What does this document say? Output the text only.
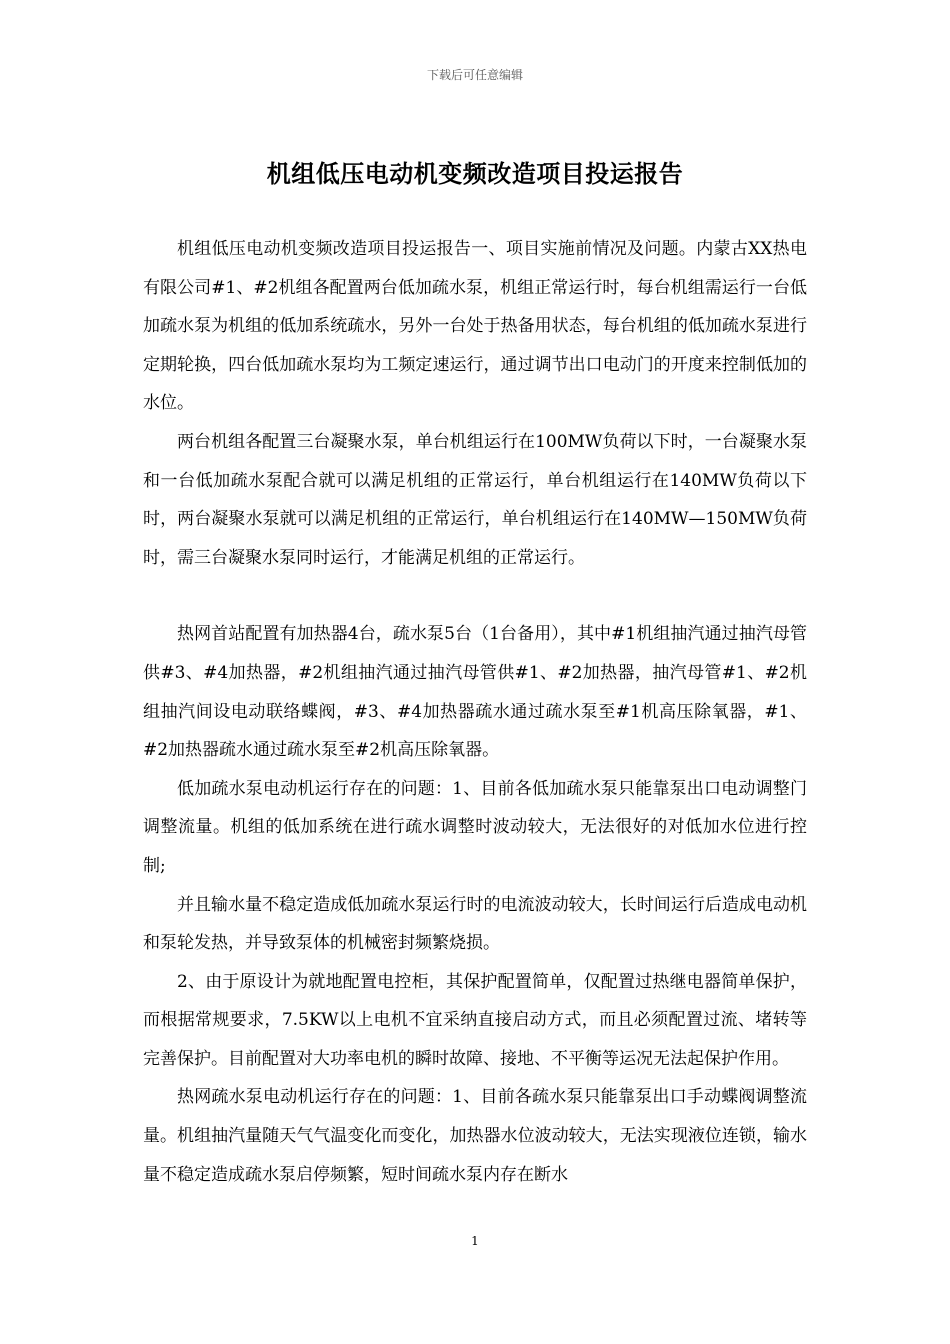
下载后可任意编辑
机组低压电动机变频改造项目投运报告

机组低压电动机变频改造项目投运报告一、项目实施前情况及问题。内蒙古XX热电有限公司#1、#2机组各配置两台低加疏水泵，机组正常运行时，每台机组需运行一台低加疏水泵为机组的低加系统疏水，另外一台处于热备用状态，每台机组的低加疏水泵进行定期轮换，四台低加疏水泵均为工频定速运行，通过调节出口电动门的开度来控制低加的水位。

两台机组各配置三台凝聚水泵，单台机组运行在100MW负荷以下时，一台凝聚水泵和一台低加疏水泵配合就可以满足机组的正常运行，单台机组运行在140MW负荷以下时，两台凝聚水泵就可以满足机组的正常运行，单台机组运行在140MW—150MW负荷时，需三台凝聚水泵同时运行，才能满足机组的正常运行。

热网首站配置有加热器4台，疏水泵5台（1台备用），其中#1机组抽汽通过抽汽母管供#3、#4加热器，#2机组抽汽通过抽汽母管供#1、#2加热器，抽汽母管#1、#2机组抽汽间设电动联络蝶阀，#3、#4加热器疏水通过疏水泵至#1机高压除氧器，#1、#2加热器疏水通过疏水泵至#2机高压除氧器。

低加疏水泵电动机运行存在的问题：1、目前各低加疏水泵只能靠泵出口电动调整门调整流量。机组的低加系统在进行疏水调整时波动较大，无法很好的对低加水位进行控制;

并且输水量不稳定造成低加疏水泵运行时的电流波动较大，长时间运行后造成电动机和泵轮发热，并导致泵体的机械密封频繁烧损。

2、由于原设计为就地配置电控柜，其保护配置简单，仅配置过热继电器简单保护，而根据常规要求，7.5KW以上电机不宜采纳直接启动方式，而且必须配置过流、堵转等完善保护。目前配置对大功率电机的瞬时故障、接地、不平衡等运况无法起保护作用。

热网疏水泵电动机运行存在的问题：1、目前各疏水泵只能靠泵出口手动蝶阀调整流量。机组抽汽量随天气气温变化而变化，加热器水位波动较大，无法实现液位连锁，输水量不稳定造成疏水泵启停频繁，短时间疏水泵内存在断水

1
